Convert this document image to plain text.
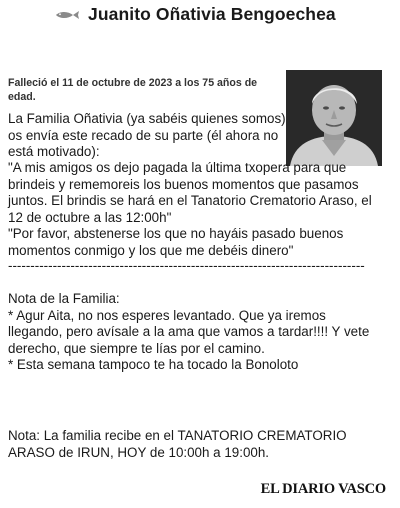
Juanito Oñativia Bengoechea
Falleció el 11 de octubre de 2023 a los 75 años de edad.

La Familia Oñativia (ya sabéis quienes somos) os envía este recado de su parte (él ahora no está motivado):

"A mis amigos os dejo pagada la última txopera para que brindeis y rememoreis los buenos momentos que pasamos juntos. El brindis se hará en el Tanatorio Crematorio Araso, el 12 de octubre a las 12:00h"

"Por favor, abstenerse los que no hayáis pasado buenos momentos conmigo y los que me debéis dinero"

--------------------------------------------------------------------------------

Nota de la Familia:

* Agur Aita, no nos esperes levantado. Que ya iremos llegando, pero avísale a la ama que vamos a tardar!!!! Y vete derecho, que siempre te lías por el camino.

* Esta semana tampoco te ha tocado la Bonoloto

Nota: La familia recibe en el TANATORIO CREMATORIO ARASO de IRUN, HOY de 10:00h a 19:00h.
EL DIARIO VASCO
